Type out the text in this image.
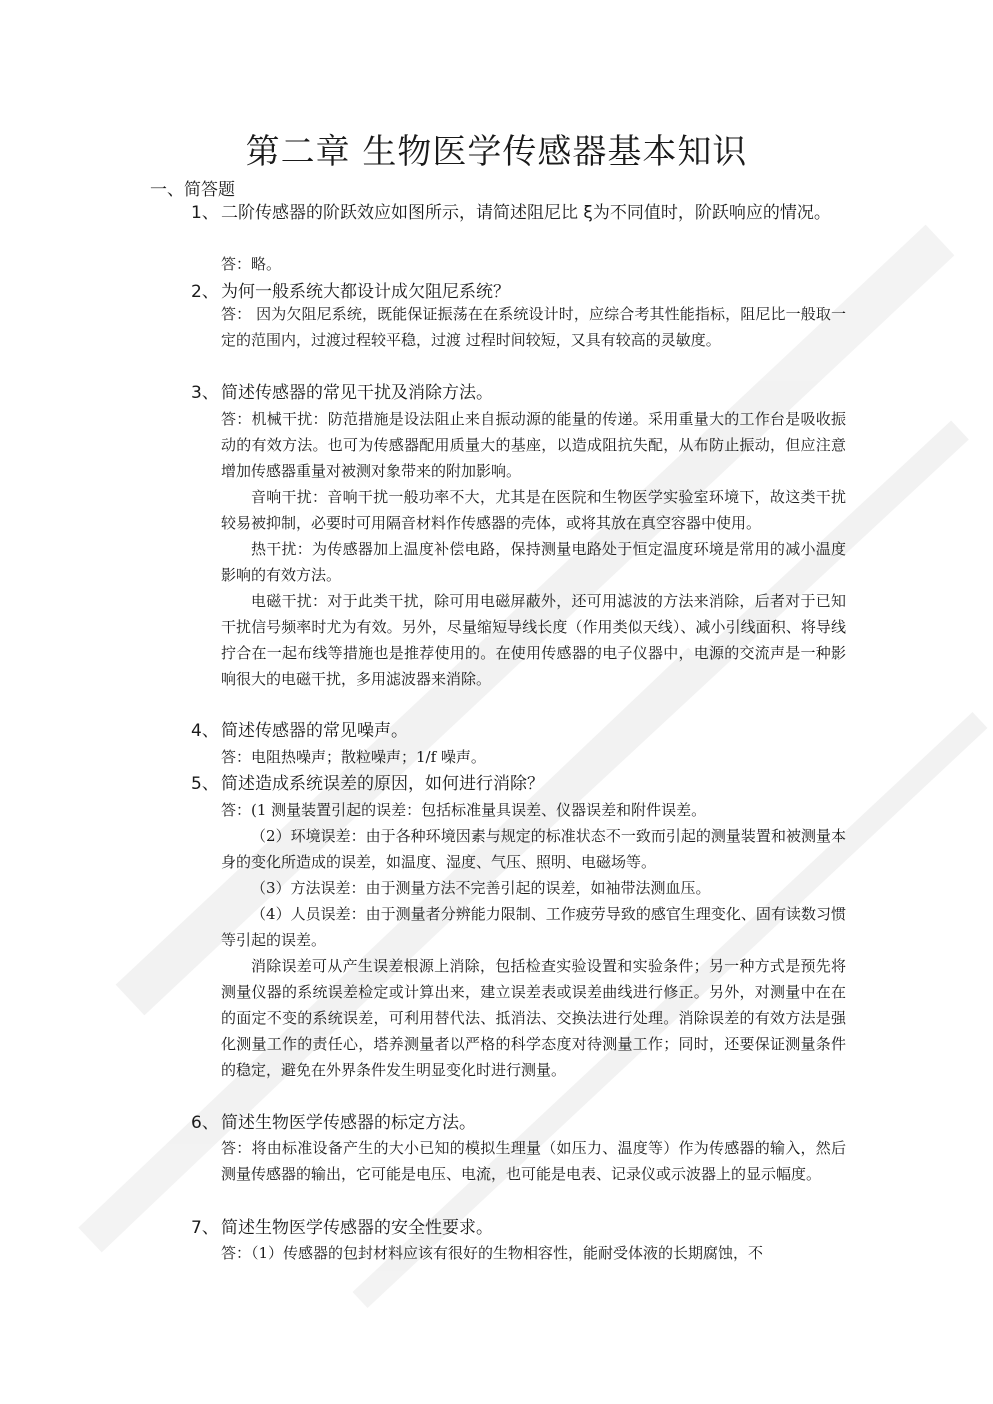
第二章 生物医学传感器基本知识
一、简答题
1、 二阶传感器的阶跃效应如图所示，请简述阻尼比 ξ为不同值时，阶跃响应的情况。

答：略。

2、 为何一般系统大都设计成欠阻尼系统？

答： 因为欠阻尼系统，既能保证振荡在在系统设计时，应综合考其性能指标，阻尼比一般取一定的范围内，过渡过程较平稳，过渡 过程时间较短，又具有较高的灵敏度。

3、 简述传感器的常见干扰及消除方法。

答：机械干扰：防范措施是设法阻止来自振动源的能量的传递。采用重量大的工作台是吸收振动的有效方法。也可为传感器配用质量大的基座，以造成阻抗失配，从布防止振动，但应注意增加传感器重量对被测对象带来的附加影响。

音响干扰：音响干扰一般功率不大，尤其是在医院和生物医学实验室环境下，故这类干扰较易被抑制，必要时可用隔音材料作传感器的壳体，或将其放在真空容器中使用。

热干扰：为传感器加上温度补偿电路，保持测量电路处于恒定温度环境是常用的减小温度影响的有效方法。

电磁干扰：对于此类干扰，除可用电磁屏蔽外，还可用滤波的方法来消除，后者对于已知干扰信号频率时尤为有效。另外，尽量缩短导线长度（作用类似天线）、减小引线面积、将导线拧合在一起布线等措施也是推荐使用的。在使用传感器的电子仪器中，电源的交流声是一种影响很大的电磁干扰，多用滤波器来消除。

4、 简述传感器的常见噪声。

答：电阻热噪声；散粒噪声；1/f 噪声。

5、 简述造成系统误差的原因，如何进行消除？

答：(1 测量装置引起的误差：包括标准量具误差、仪器误差和附件误差。

（2）环境误差：由于各种环境因素与规定的标准状态不一致而引起的测量装置和被测量本身的变化所造成的误差，如温度、湿度、气压、照明、电磁场等。

（3）方法误差：由于测量方法不完善引起的误差，如袖带法测血压。

（4）人员误差：由于测量者分辨能力限制、工作疲劳导致的感官生理变化、固有读数习惯等引起的误差。

消除误差可从产生误差根源上消除，包括检查实验设置和实验条件；另一种方式是预先将测量仪器的系统误差检定或计算出来，建立误差表或误差曲线进行修正。另外，对测量中在在的面定不变的系统误差，可利用替代法、抵消法、交换法进行处理。消除误差的有效方法是强化测量工作的责任心，塔养测量者以严格的科学态度对待测量工作；同时，还要保证测量条件的稳定，避免在外界条件发生明显变化时进行测量。

6、 简述生物医学传感器的标定方法。

答：将由标准设备产生的大小已知的模拟生理量（如压力、温度等）作为传感器的输入，然后测量传感器的输出，它可能是电压、电流，也可能是电表、记录仪或示波器上的显示幅度。

7、 简述生物医学传感器的安全性要求。

答：（1）传感器的包封材料应该有很好的生物相容性，能耐受体液的长期腐蚀，不
